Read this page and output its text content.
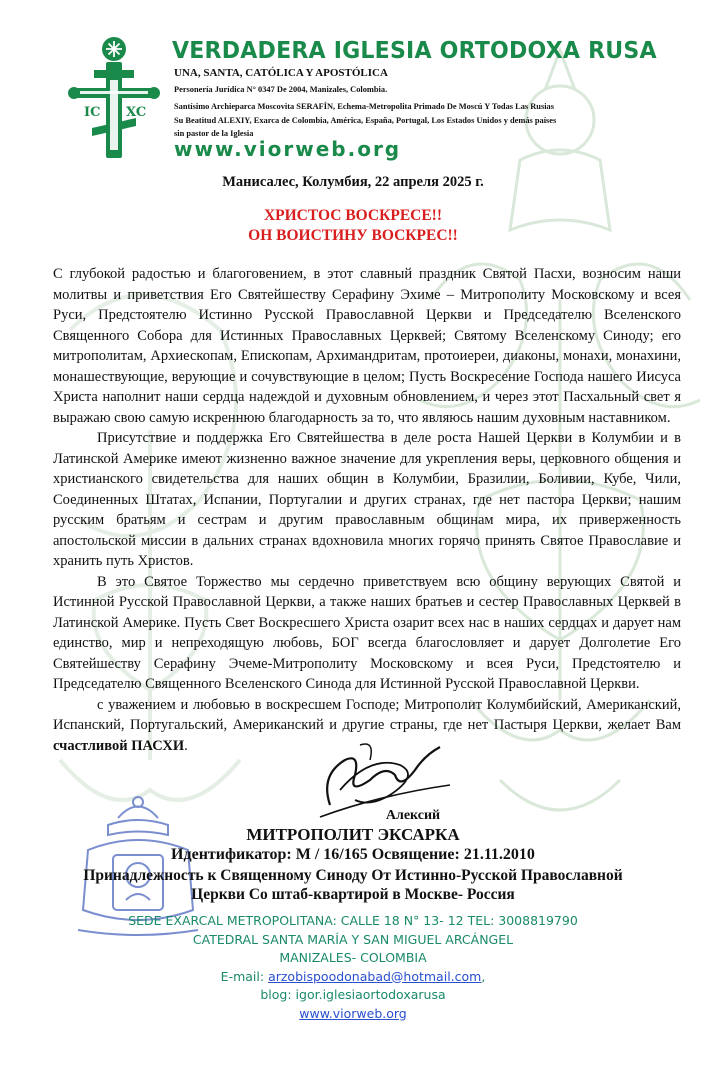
IC XC
VERDADERA IGLESIA ORTODOXA RUSA
UNA, SANTA, CATÓLICA Y APOSTÓLICA
Personería Jurídica N° 0347 De 2004, Manizales, Colombia.
Santísimo Archieparca Moscovita SERAFÍN, Echema-Metropolita Primado De Moscú Y Todas Las Rusias
Su Beatitud ALEXIY, Exarca de Colombia, América, España, Portugal, Los Estados Unidos y demás países
sin pastor de la Iglesia
www.viorweb.org
Манисалес, Колумбия, 22 апреля 2025 г.
ХРИСТОС ВОСКРЕСЕ!!
ОН ВОИСТИНУ ВОСКРЕС!!

С глубокой радостью и благоговением, в этот славный праздник Святой Пасхи, возносим наши молитвы и приветствия Его Святейшеству Серафину Эхиме – Митрополиту Московскому и всея Руси, Предстоятелю Истинно Русской Православной Церкви и Председателю Вселенского Священного Собора для Истинных Православных Церквей; Святому Вселенскому Синоду; его митрополитам, Архиескопам, Епископам, Архимандритам, протоиереи, диаконы, монахи, монахини, монашествующие, верующие и сочувствующие в целом; Пусть Воскресение Господа нашего Иисуса Христа наполнит наши сердца надеждой и духовным обновлением, и через этот Пасхальный свет я выражаю свою самую искреннюю благодарность за то, что являюсь нашим духовным наставником.

Присутствие и поддержка Его Святейшества в деле роста Нашей Церкви в Колумбии и в Латинской Америке имеют жизненно важное значение для укрепления веры, церковного общения и христианского свидетельства для наших общин в Колумбии, Бразилии, Боливии, Кубе, Чили, Соединенных Штатах, Испании, Португалии и других странах, где нет пастора Церкви; нашим русским братьям и сестрам и другим православным общинам мира, их приверженность апостольской миссии в дальних странах вдохновила многих горячо принять Святое Православие и хранить путь Христов.

В это Святое Торжество мы сердечно приветствуем всю общину верующих Святой и Истинной Русской Православной Церкви, а также наших братьев и сестер Православных Церквей в Латинской Америке. Пусть Свет Воскресшего Христа озарит всех нас в наших сердцах и дарует нам единство, мир и непреходящую любовь, БОГ всегда благословляет и дарует Долголетие Его Святейшеству Серафину Эчеме-Митрополиту Московскому и всея Руси, Предстоятелю и Председателю Священного Вселенского Синода для Истинной Русской Православной Церкви.

с уважением и любовью в воскресшем Господе; Митрополит Колумбийский, Американский, Испанский, Португальский, Американский и другие страны, где нет Пастыря Церкви, желает Вам счастливой ПАСХИ.

Алексий
МИТРОПОЛИТ ЭКСАРКА
Идентификатор: M / 16/165 Освящение: 21.11.2010
Принадлежность к Священному Синоду От Истинно-Русской Православной
Церкви Со штаб-квартирой в Москве- Россия
SEDE EXARCAL METROPOLITANA: CALLE 18 N° 13- 12 TEL: 3008819790
CATEDRAL SANTA MARÍA Y SAN MIGUEL ARCÁNGEL
MANIZALES- COLOMBIA
E-mail: arzobispoodonabad@hotmail.com,
blog: igor.iglesiaortodoxarusa
www.viorweb.org
